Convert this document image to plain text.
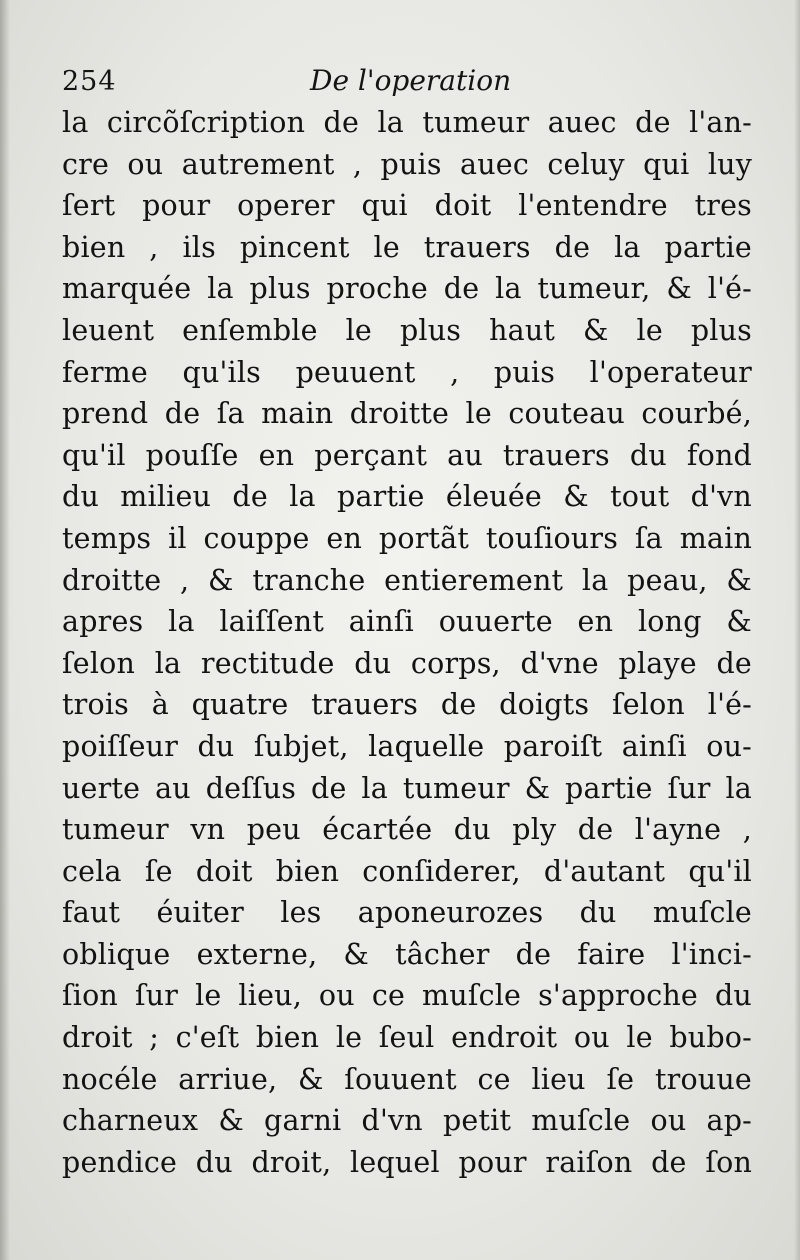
254	De l'operation
la circõſcription de la tumeur auec de l'an-
cre ou autrement , puis auec celuy qui luy
ſert pour operer qui doit l'entendre tres
bien , ils pincent le trauers de la partie
marquée la plus proche de la tumeur, & l'é-
leuent enſemble le plus haut & le plus
ferme qu'ils peuuent , puis l'operateur
prend de ſa main droitte le couteau courbé,
qu'il pouſſe en perçant au trauers du fond
du milieu de la partie éleuée & tout d'vn
temps il couppe en portãt touſiours ſa main
droitte , & tranche entierement la peau, &
apres la laiſſent ainſi ouuerte en long &
ſelon la rectitude du corps, d'vne playe de
trois à quatre trauers de doigts ſelon l'é-
poiſſeur du ſubjet, laquelle paroiſt ainſi ou-
uerte au deſſus de la tumeur & partie ſur la
tumeur vn peu écartée du ply de l'ayne ,
cela ſe doit bien conſiderer, d'autant qu'il
faut éuiter les aponeurozes du muſcle
oblique externe, & tâcher de faire l'inci-
ſion ſur le lieu, ou ce muſcle s'approche du
droit ; c'eſt bien le ſeul endroit ou le bubo-
nocéle arriue, & ſouuent ce lieu ſe trouue
charneux & garni d'vn petit muſcle ou ap-
pendice du droit, lequel pour raiſon de ſon
